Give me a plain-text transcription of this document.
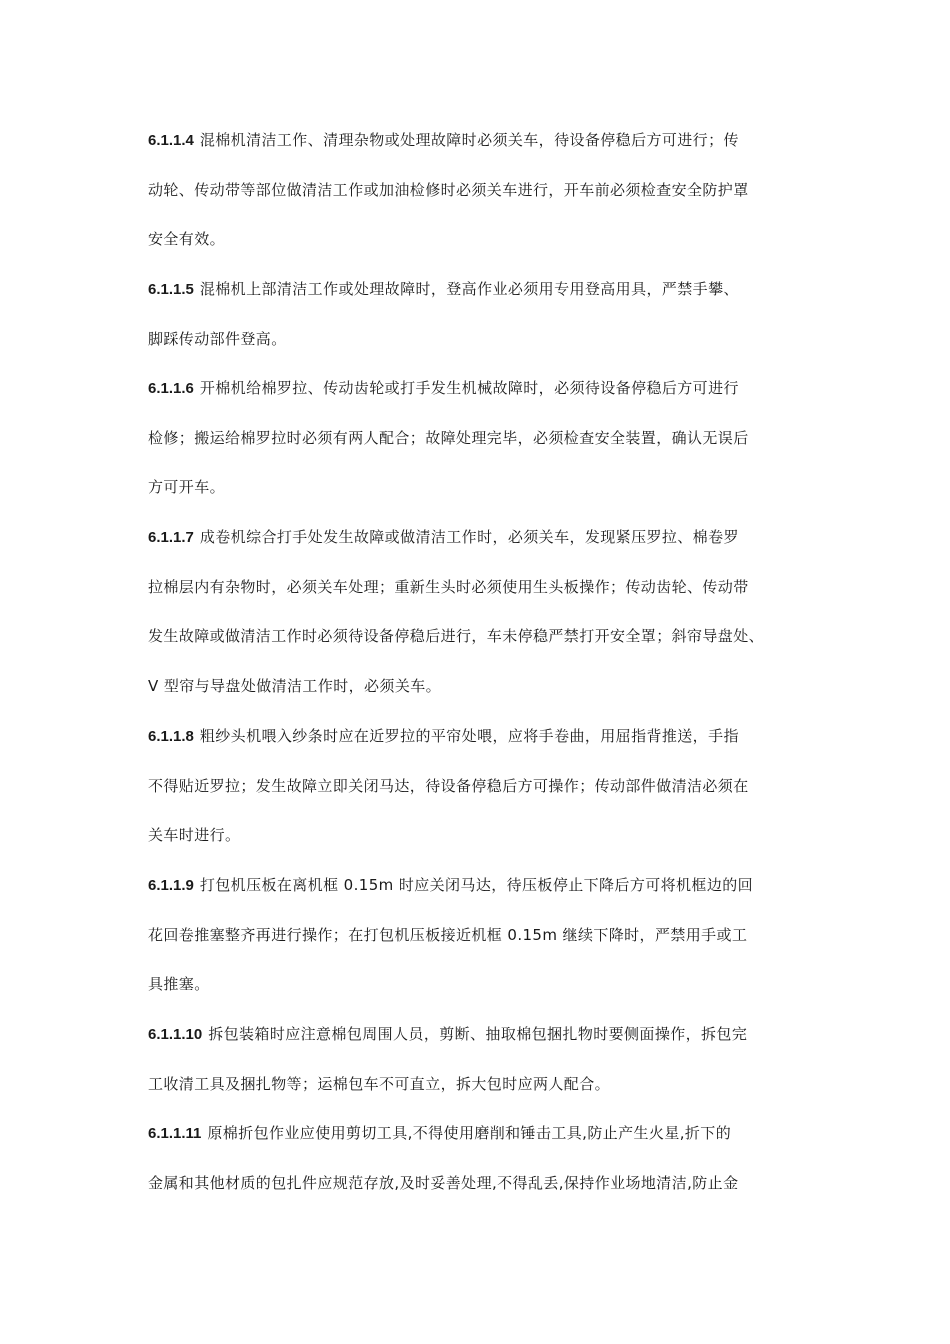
6.1.1.4 混棉机清洁工作、清理杂物或处理故障时必须关车，待设备停稳后方可进行；传
动轮、传动带等部位做清洁工作或加油检修时必须关车进行，开车前必须检查安全防护罩
安全有效。
6.1.1.5 混棉机上部清洁工作或处理故障时，登高作业必须用专用登高用具，严禁手攀、
脚踩传动部件登高。
6.1.1.6 开棉机给棉罗拉、传动齿轮或打手发生机械故障时，必须待设备停稳后方可进行
检修；搬运给棉罗拉时必须有两人配合；故障处理完毕，必须检查安全装置，确认无误后
方可开车。
6.1.1.7 成卷机综合打手处发生故障或做清洁工作时，必须关车，发现紧压罗拉、棉卷罗
拉棉层内有杂物时，必须关车处理；重新生头时必须使用生头板操作；传动齿轮、传动带
发生故障或做清洁工作时必须待设备停稳后进行，车未停稳严禁打开安全罩；斜帘导盘处、
V 型帘与导盘处做清洁工作时，必须关车。
6.1.1.8 粗纱头机喂入纱条时应在近罗拉的平帘处喂，应将手卷曲，用屈指背推送，手指
不得贴近罗拉；发生故障立即关闭马达，待设备停稳后方可操作；传动部件做清洁必须在
关车时进行。
6.1.1.9 打包机压板在离机框 0.15m 时应关闭马达，待压板停止下降后方可将机框边的回
花回卷推塞整齐再进行操作；在打包机压板接近机框 0.15m 继续下降时，严禁用手或工
具推塞。
6.1.1.10 拆包装箱时应注意棉包周围人员，剪断、抽取棉包捆扎物时要侧面操作，拆包完
工收清工具及捆扎物等；运棉包车不可直立，拆大包时应两人配合。
6.1.1.11 原棉折包作业应使用剪切工具,不得使用磨削和锤击工具,防止产生火星,折下的
金属和其他材质的包扎件应规范存放,及时妥善处理,不得乱丢,保持作业场地清洁,防止金
